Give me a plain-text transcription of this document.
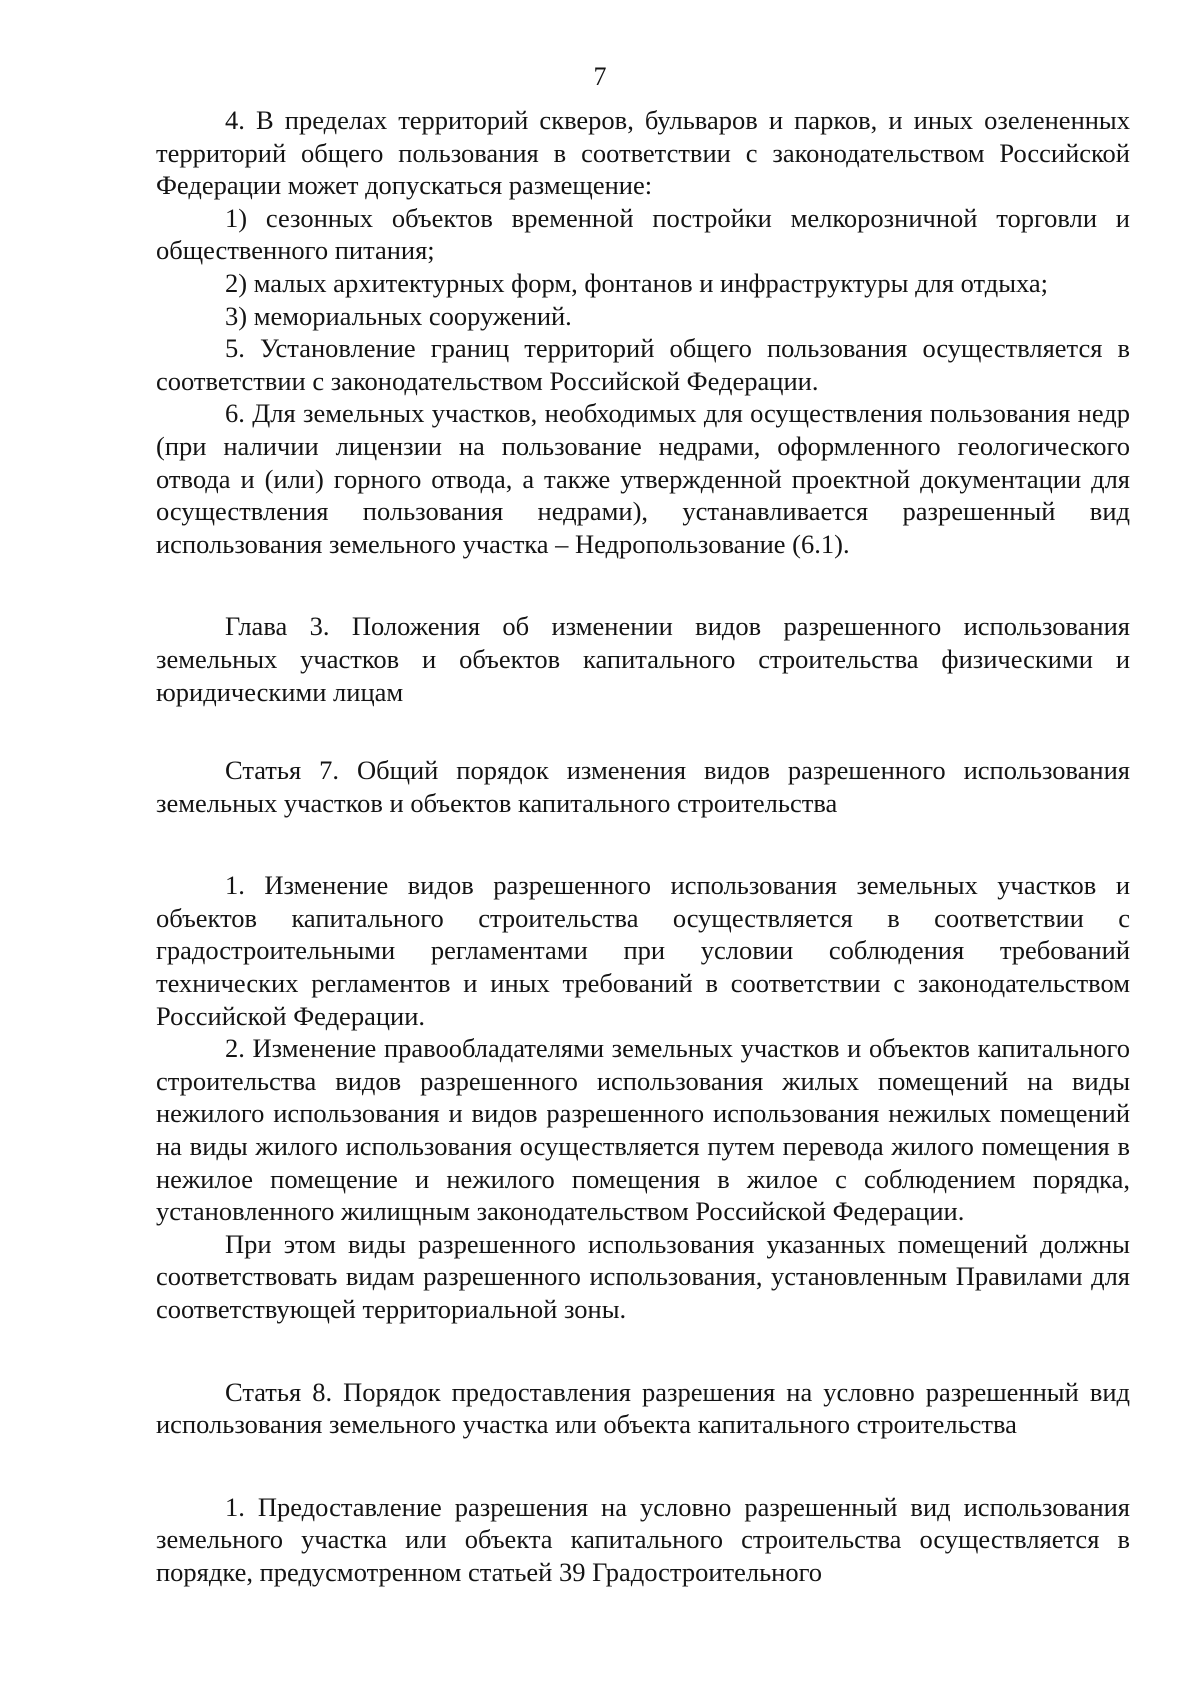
7

4. В пределах территорий скверов, бульваров и парков, и иных озелененных территорий общего пользования в соответствии с законодательством Российской Федерации может допускаться размещение:

1) сезонных объектов временной постройки мелкорозничной торговли и общественного питания;

2) малых архитектурных форм, фонтанов и инфраструктуры для отдыха;

3) мемориальных сооружений.

5. Установление границ территорий общего пользования осуществляется в соответствии с законодательством Российской Федерации.

6. Для земельных участков, необходимых для осуществления пользования недр (при наличии лицензии на пользование недрами, оформленного геологического отвода и (или) горного отвода, а также утвержденной проектной документации для осуществления пользования недрами), устанавливается разрешенный вид использования земельного участка – Недропользование (6.1).

Глава 3. Положения об изменении видов разрешенного использования земельных участков и объектов капитального строительства физическими и юридическими лицам

Статья 7. Общий порядок изменения видов разрешенного использования земельных участков и объектов капитального строительства

1. Изменение видов разрешенного использования земельных участков и объектов капитального строительства осуществляется в соответствии с градостроительными регламентами при условии соблюдения требований технических регламентов и иных требований в соответствии с законодательством Российской Федерации.

2. Изменение правообладателями земельных участков и объектов капитального строительства видов разрешенного использования жилых помещений на виды нежилого использования и видов разрешенного использования нежилых помещений на виды жилого использования осуществляется путем перевода жилого помещения в нежилое помещение и нежилого помещения в жилое с соблюдением порядка, установленного жилищным законодательством Российской Федерации.

При этом виды разрешенного использования указанных помещений должны соответствовать видам разрешенного использования, установленным Правилами для соответствующей территориальной зоны.

Статья 8. Порядок предоставления разрешения на условно разрешенный вид использования земельного участка или объекта капитального строительства

1. Предоставление разрешения на условно разрешенный вид использования земельного участка или объекта капитального строительства осуществляется в порядке, предусмотренном статьей 39 Градостроительного
